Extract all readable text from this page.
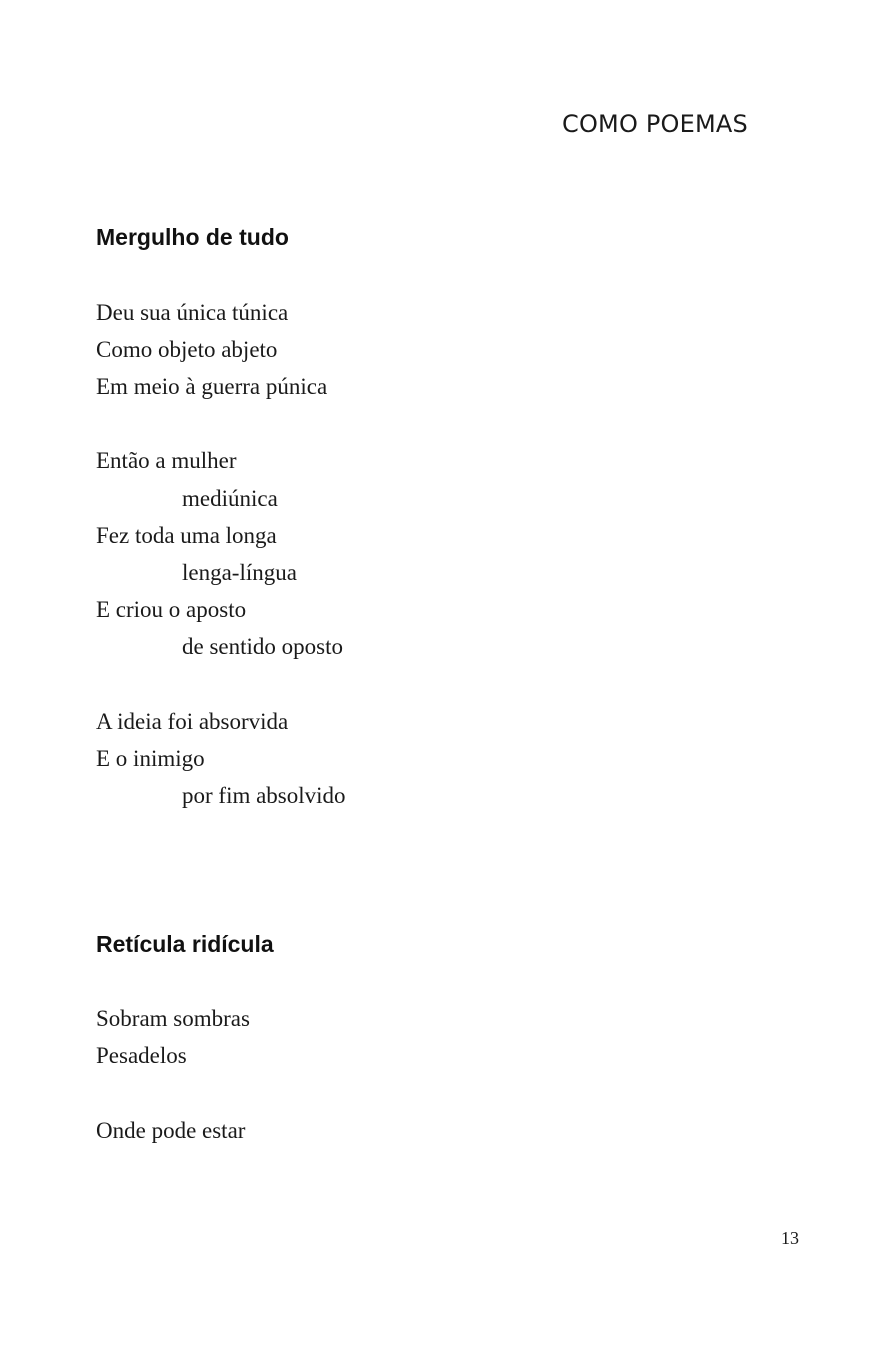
COMO POEMAS
Mergulho de tudo
Deu sua única túnica
Como objeto abjeto
Em meio à guerra púnica
Então a mulher
mediúnica
Fez toda uma longa
lenga-língua
E criou o aposto
de sentido oposto
A ideia foi absorvida
E o inimigo
por fim absolvido
Retícula ridícula
Sobram sombras
Pesadelos
Onde pode estar
13
